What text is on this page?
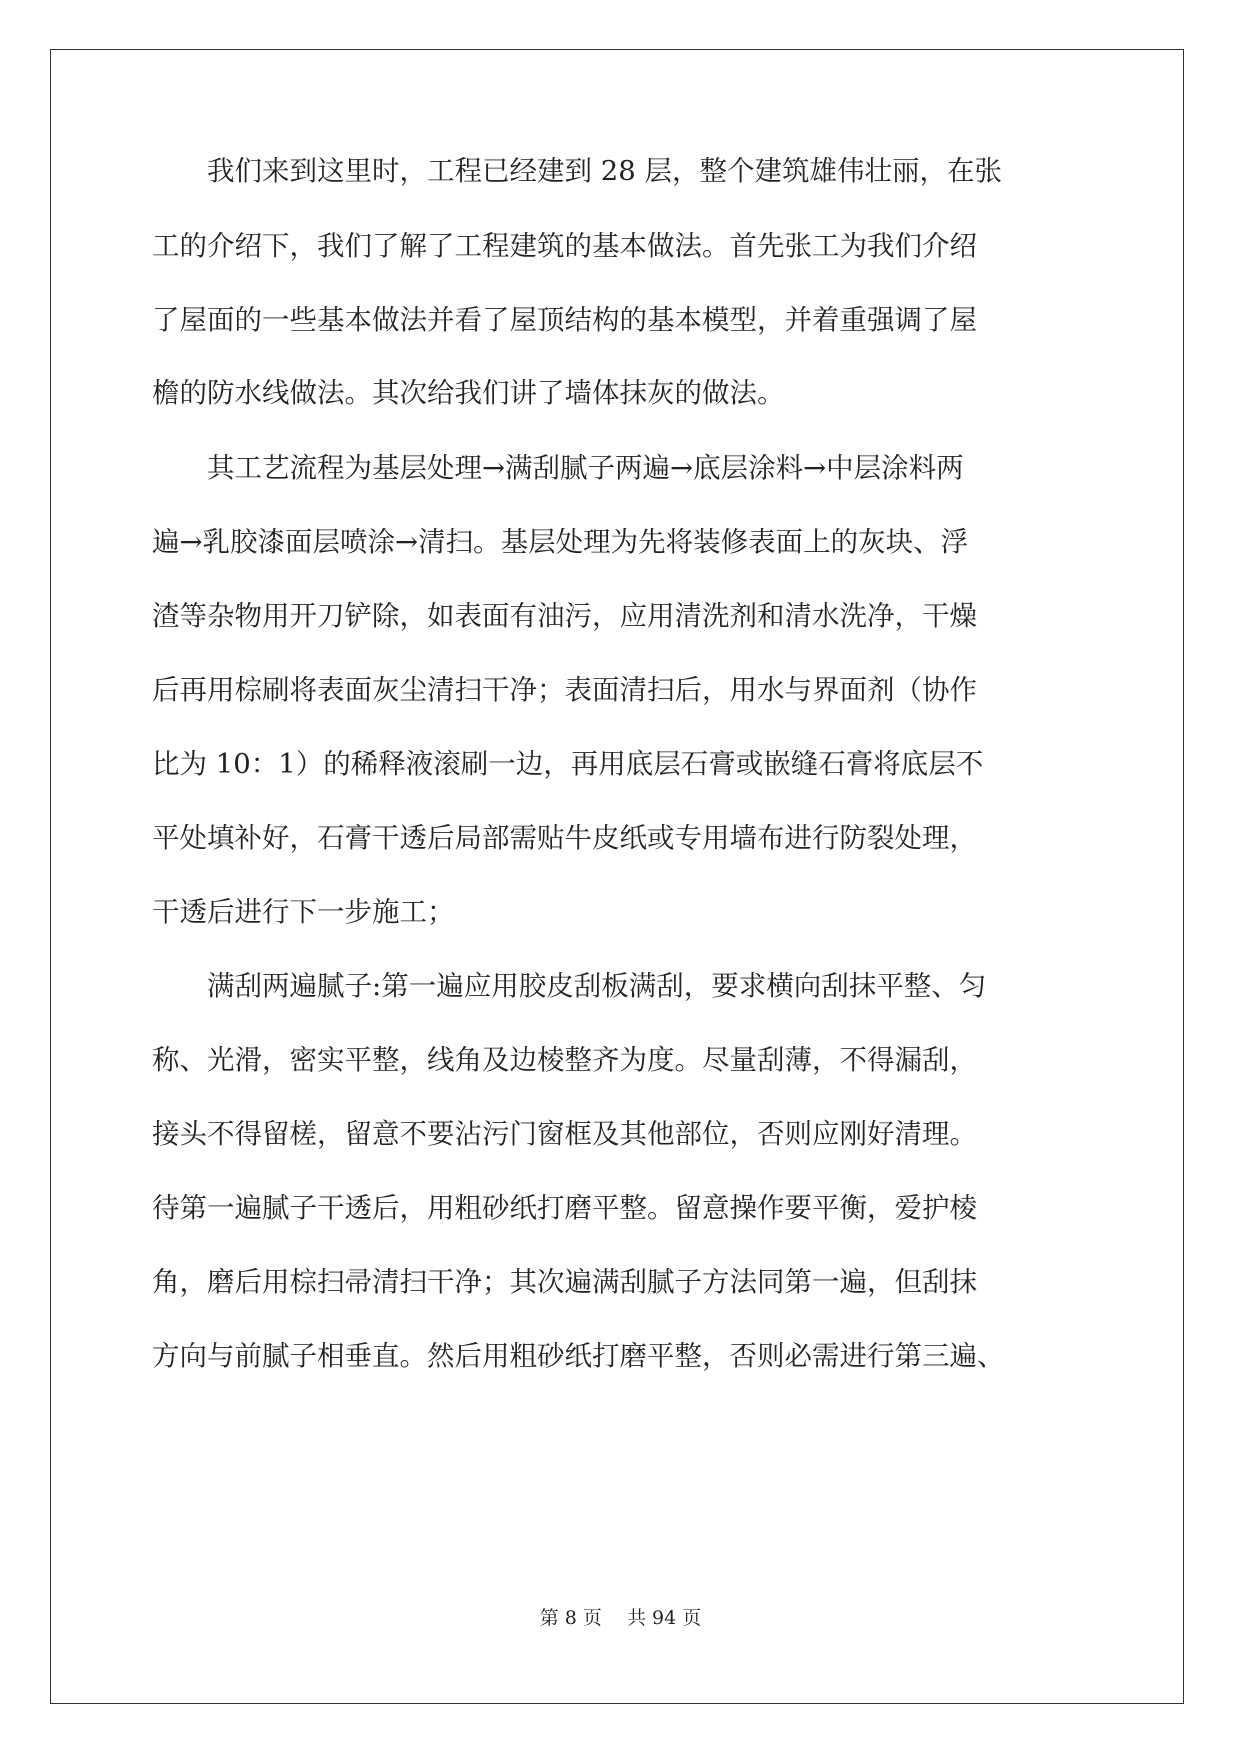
　　我们来到这里时，工程已经建到 28 层，整个建筑雄伟壮丽，在张
工的介绍下，我们了解了工程建筑的基本做法。首先张工为我们介绍
了屋面的一些基本做法并看了屋顶结构的基本模型，并着重强调了屋
檐的防水线做法。其次给我们讲了墙体抹灰的做法。
　　其工艺流程为基层处理→满刮腻子两遍→底层涂料→中层涂料两
遍→乳胶漆面层喷涂→清扫。基层处理为先将装修表面上的灰块、浮
渣等杂物用开刀铲除，如表面有油污，应用清洗剂和清水洗净，干燥
后再用棕刷将表面灰尘清扫干净；表面清扫后，用水与界面剂（协作
比为 10：1）的稀释液滚刷一边，再用底层石膏或嵌缝石膏将底层不
平处填补好，石膏干透后局部需贴牛皮纸或专用墙布进行防裂处理，
干透后进行下一步施工；
　　满刮两遍腻子:第一遍应用胶皮刮板满刮，要求横向刮抹平整、匀
称、光滑，密实平整，线角及边棱整齐为度。尽量刮薄，不得漏刮，
接头不得留槎，留意不要沾污门窗框及其他部位，否则应刚好清理。
待第一遍腻子干透后，用粗砂纸打磨平整。留意操作要平衡，爱护棱
角，磨后用棕扫帚清扫干净；其次遍满刮腻子方法同第一遍，但刮抹
方向与前腻子相垂直。然后用粗砂纸打磨平整，否则必需进行第三遍、
第 8 页　 共 94 页
